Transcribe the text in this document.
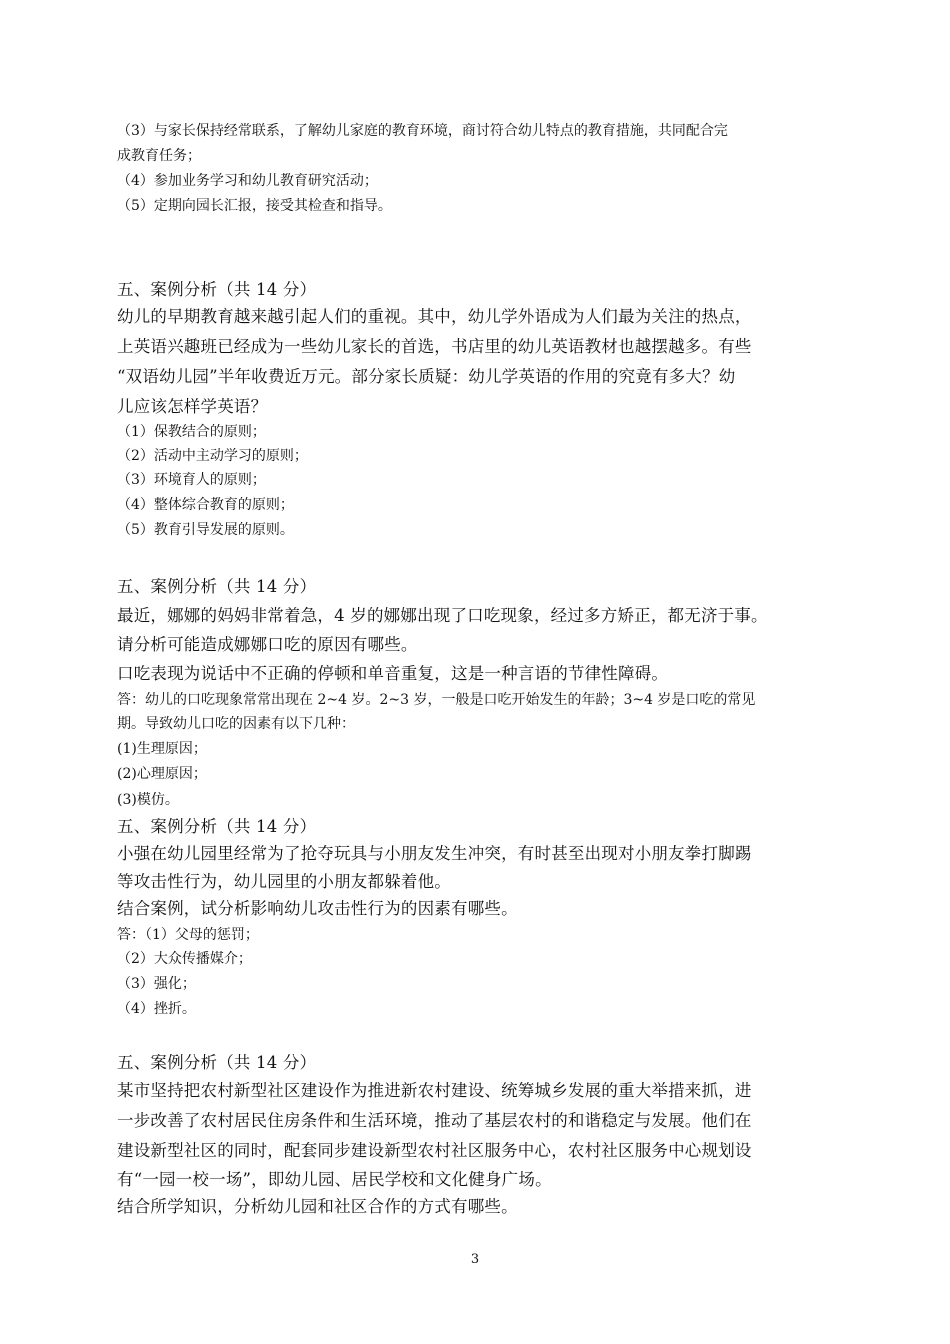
（3）与家长保持经常联系，了解幼儿家庭的教育环境，商讨符合幼儿特点的教育措施，共同配合完

成教育任务；

（4）参加业务学习和幼儿教育研究活动；

（5）定期向园长汇报，接受其检查和指导。

五、案例分析（共 14 分）

幼儿的早期教育越来越引起人们的重视。其中，幼儿学外语成为人们最为关注的热点，

上英语兴趣班已经成为一些幼儿家长的首选，书店里的幼儿英语教材也越摆越多。有些

“双语幼儿园”半年收费近万元。部分家长质疑：幼儿学英语的作用的究竟有多大？幼

儿应该怎样学英语？

（1）保教结合的原则；

（2）活动中主动学习的原则；

（3）环境育人的原则；

（4）整体综合教育的原则；

（5）教育引导发展的原则。

五、案例分析（共 14 分）

最近，娜娜的妈妈非常着急，4 岁的娜娜出现了口吃现象，经过多方矫正，都无济于事。

请分析可能造成娜娜口吃的原因有哪些。

口吃表现为说话中不正确的停顿和单音重复，这是一种言语的节律性障碍。

答：幼儿的口吃现象常常出现在 2~4 岁。2~3 岁，一般是口吃开始发生的年龄；3~4 岁是口吃的常见

期。导致幼儿口吃的因素有以下几种：

(1)生理原因；

(2)心理原因；

(3)模仿。

五、案例分析（共 14 分）

小强在幼儿园里经常为了抢夺玩具与小朋友发生冲突，有时甚至出现对小朋友拳打脚踢

等攻击性行为，幼儿园里的小朋友都躲着他。

结合案例，试分析影响幼儿攻击性行为的因素有哪些。

答：（1）父母的惩罚；

（2）大众传播媒介；

（3）强化；

（4）挫折。

五、案例分析（共 14 分）

某市坚持把农村新型社区建设作为推进新农村建设、统筹城乡发展的重大举措来抓，进

一步改善了农村居民住房条件和生活环境，推动了基层农村的和谐稳定与发展。他们在

建设新型社区的同时，配套同步建设新型农村社区服务中心，农村社区服务中心规划设

有“一园一校一场”，即幼儿园、居民学校和文化健身广场。

结合所学知识，分析幼儿园和社区合作的方式有哪些。

3
